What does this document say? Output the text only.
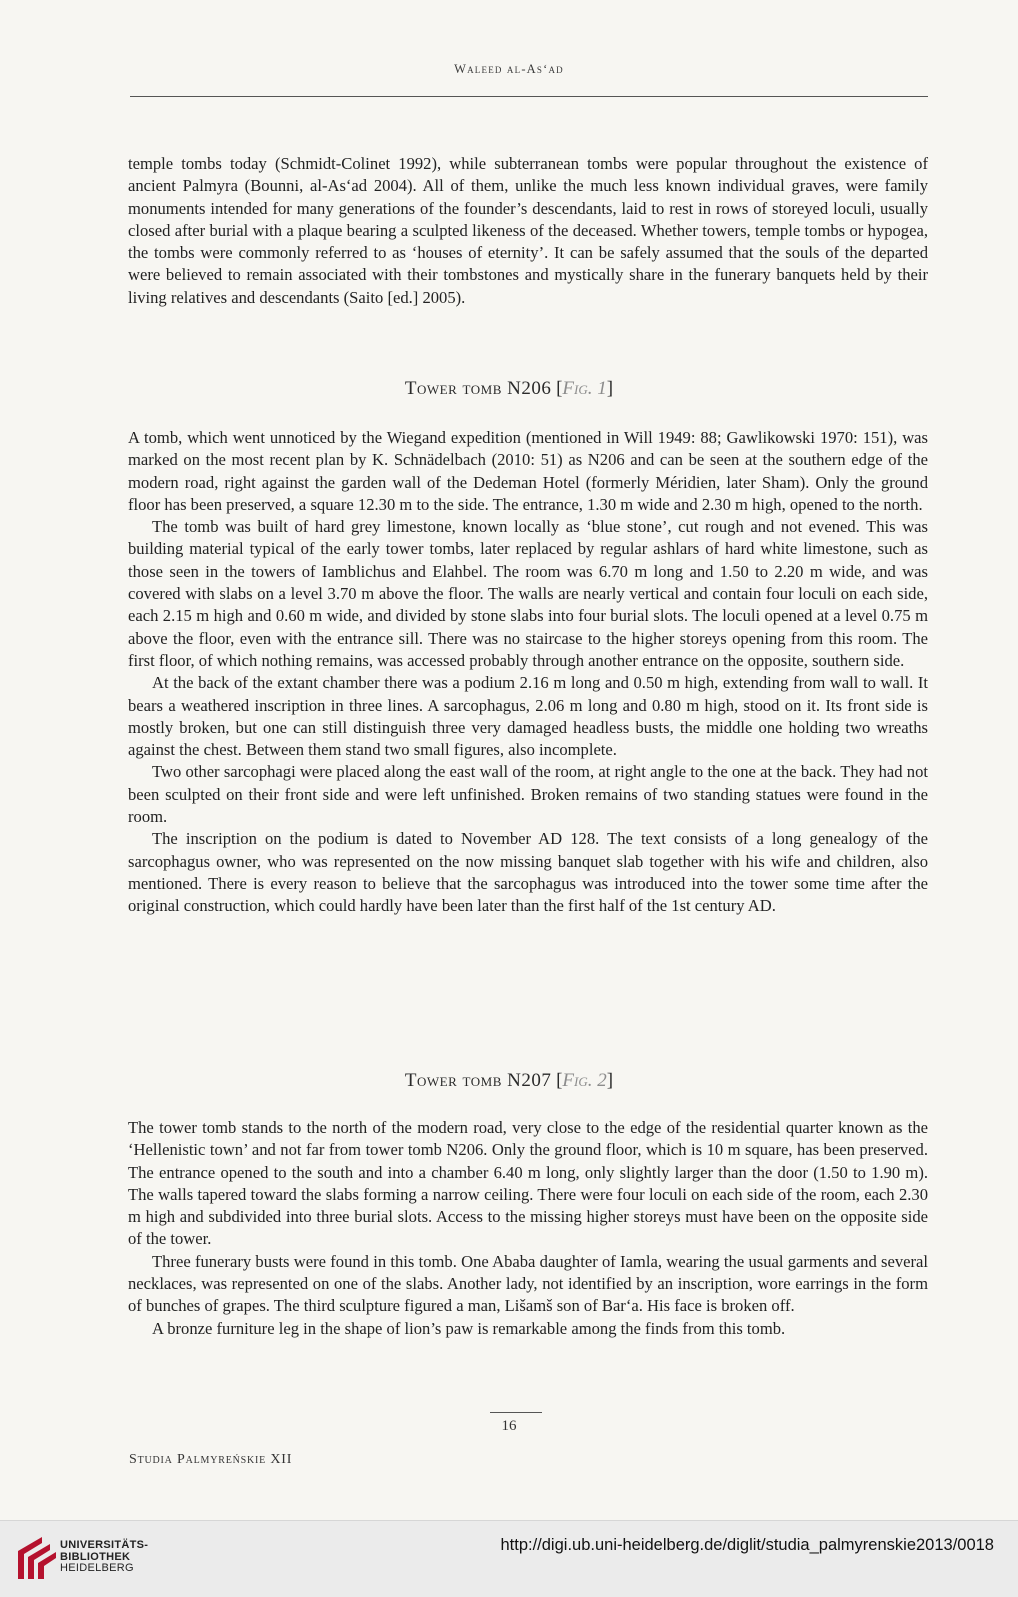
Waleed al-As‘ad

temple tombs today (Schmidt-Colinet 1992), while subterranean tombs were popular throughout the existence of ancient Palmyra (Bounni, al-As‘ad 2004). All of them, unlike the much less known individual graves, were family monuments intended for many generations of the founder’s descendants, laid to rest in rows of storeyed loculi, usually closed after burial with a plaque bearing a sculpted likeness of the deceased. Whether towers, temple tombs or hypogea, the tombs were commonly referred to as ‘houses of eternity’. It can be safely assumed that the souls of the departed were believed to remain associated with their tombstones and mystically share in the funerary banquets held by their living relatives and descendants (Saito [ed.] 2005).

Tower tomb N206 [Fig. 1]

A tomb, which went unnoticed by the Wiegand expedition (mentioned in Will 1949: 88; Gawlikowski 1970: 151), was marked on the most recent plan by K. Schnädelbach (2010: 51) as N206 and can be seen at the southern edge of the modern road, right against the garden wall of the Dedeman Hotel (formerly Méridien, later Sham). Only the ground floor has been preserved, a square 12.30 m to the side. The entrance, 1.30 m wide and 2.30 m high, opened to the north.

The tomb was built of hard grey limestone, known locally as ‘blue stone’, cut rough and not evened. This was building material typical of the early tower tombs, later replaced by regular ashlars of hard white limestone, such as those seen in the towers of Iamblichus and Elahbel. The room was 6.70 m long and 1.50 to 2.20 m wide, and was covered with slabs on a level 3.70 m above the floor. The walls are nearly vertical and contain four loculi on each side, each 2.15 m high and 0.60 m wide, and divided by stone slabs into four burial slots. The loculi opened at a level 0.75 m above the floor, even with the entrance sill. There was no staircase to the higher storeys opening from this room. The first floor, of which nothing remains, was accessed probably through another entrance on the opposite, southern side.

At the back of the extant chamber there was a podium 2.16 m long and 0.50 m high, extending from wall to wall. It bears a weathered inscription in three lines. A sarcophagus, 2.06 m long and 0.80 m high, stood on it. Its front side is mostly broken, but one can still distinguish three very damaged headless busts, the middle one holding two wreaths against the chest. Between them stand two small figures, also incomplete.

Two other sarcophagi were placed along the east wall of the room, at right angle to the one at the back. They had not been sculpted on their front side and were left unfinished. Broken remains of two standing statues were found in the room.

The inscription on the podium is dated to November AD 128. The text consists of a long genealogy of the sarcophagus owner, who was represented on the now missing banquet slab together with his wife and children, also mentioned. There is every reason to believe that the sarcophagus was introduced into the tower some time after the original construction, which could hardly have been later than the first half of the 1st century AD.

Tower tomb N207 [Fig. 2]

The tower tomb stands to the north of the modern road, very close to the edge of the residential quarter known as the ‘Hellenistic town’ and not far from tower tomb N206. Only the ground floor, which is 10 m square, has been preserved. The entrance opened to the south and into a chamber 6.40 m long, only slightly larger than the door (1.50 to 1.90 m). The walls tapered toward the slabs forming a narrow ceiling. There were four loculi on each side of the room, each 2.30 m high and subdivided into three burial slots. Access to the missing higher storeys must have been on the opposite side of the tower.

Three funerary busts were found in this tomb. One Ababa daughter of Iamla, wearing the usual garments and several necklaces, was represented on one of the slabs. Another lady, not identified by an inscription, wore earrings in the form of bunches of grapes. The third sculpture figured a man, Lišamš son of Bar‘a. His face is broken off.

A bronze furniture leg in the shape of lion’s paw is remarkable among the finds from this tomb.

16
Studia Palmyreńskie XII
UNIVERSITÄTS-
BIBLIOTHEK
HEIDELBERG
http://digi.ub.uni-heidelberg.de/diglit/studia_palmyrenskie2013/0018
